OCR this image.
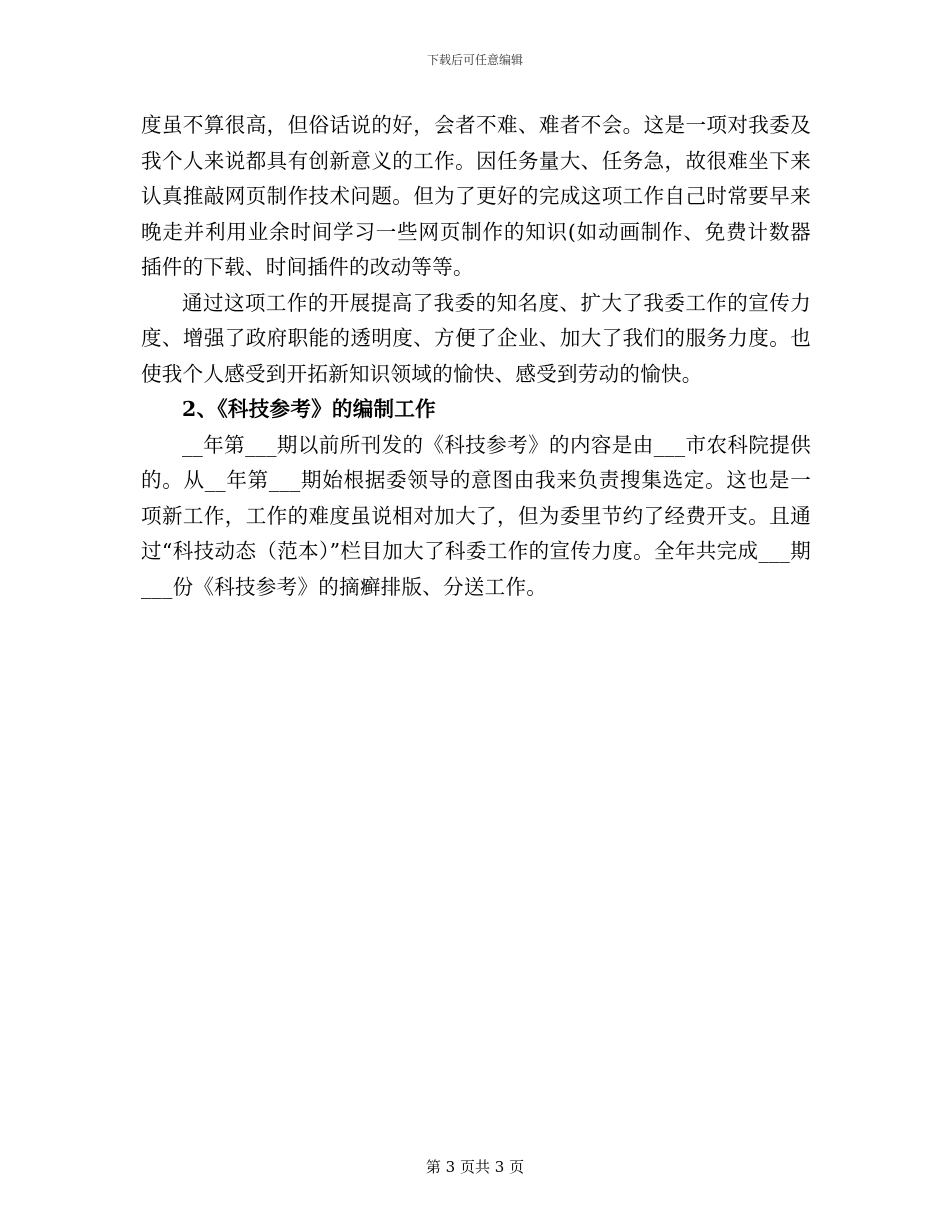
下载后可任意编辑

度虽不算很高，但俗话说的好，会者不难、难者不会。这是一项对我委及我个人来说都具有创新意义的工作。因任务量大、任务急，故很难坐下来认真推敲网页制作技术问题。但为了更好的完成这项工作自己时常要早来晚走并利用业余时间学习一些网页制作的知识(如动画制作、免费计数器插件的下载、时间插件的改动等等。

通过这项工作的开展提高了我委的知名度、扩大了我委工作的宣传力度、增强了政府职能的透明度、方便了企业、加大了我们的服务力度。也使我个人感受到开拓新知识领域的愉快、感受到劳动的愉快。

2、《科技参考》的编制工作

__年第___期以前所刊发的《科技参考》的内容是由___市农科院提供的。从__年第___期始根据委领导的意图由我来负责搜集选定。这也是一项新工作，工作的难度虽说相对加大了，但为委里节约了经费开支。且通过“科技动态（范本）”栏目加大了科委工作的宣传力度。全年共完成___期___份《科技参考》的摘癣排版、分送工作。

第 3 页共 3 页
